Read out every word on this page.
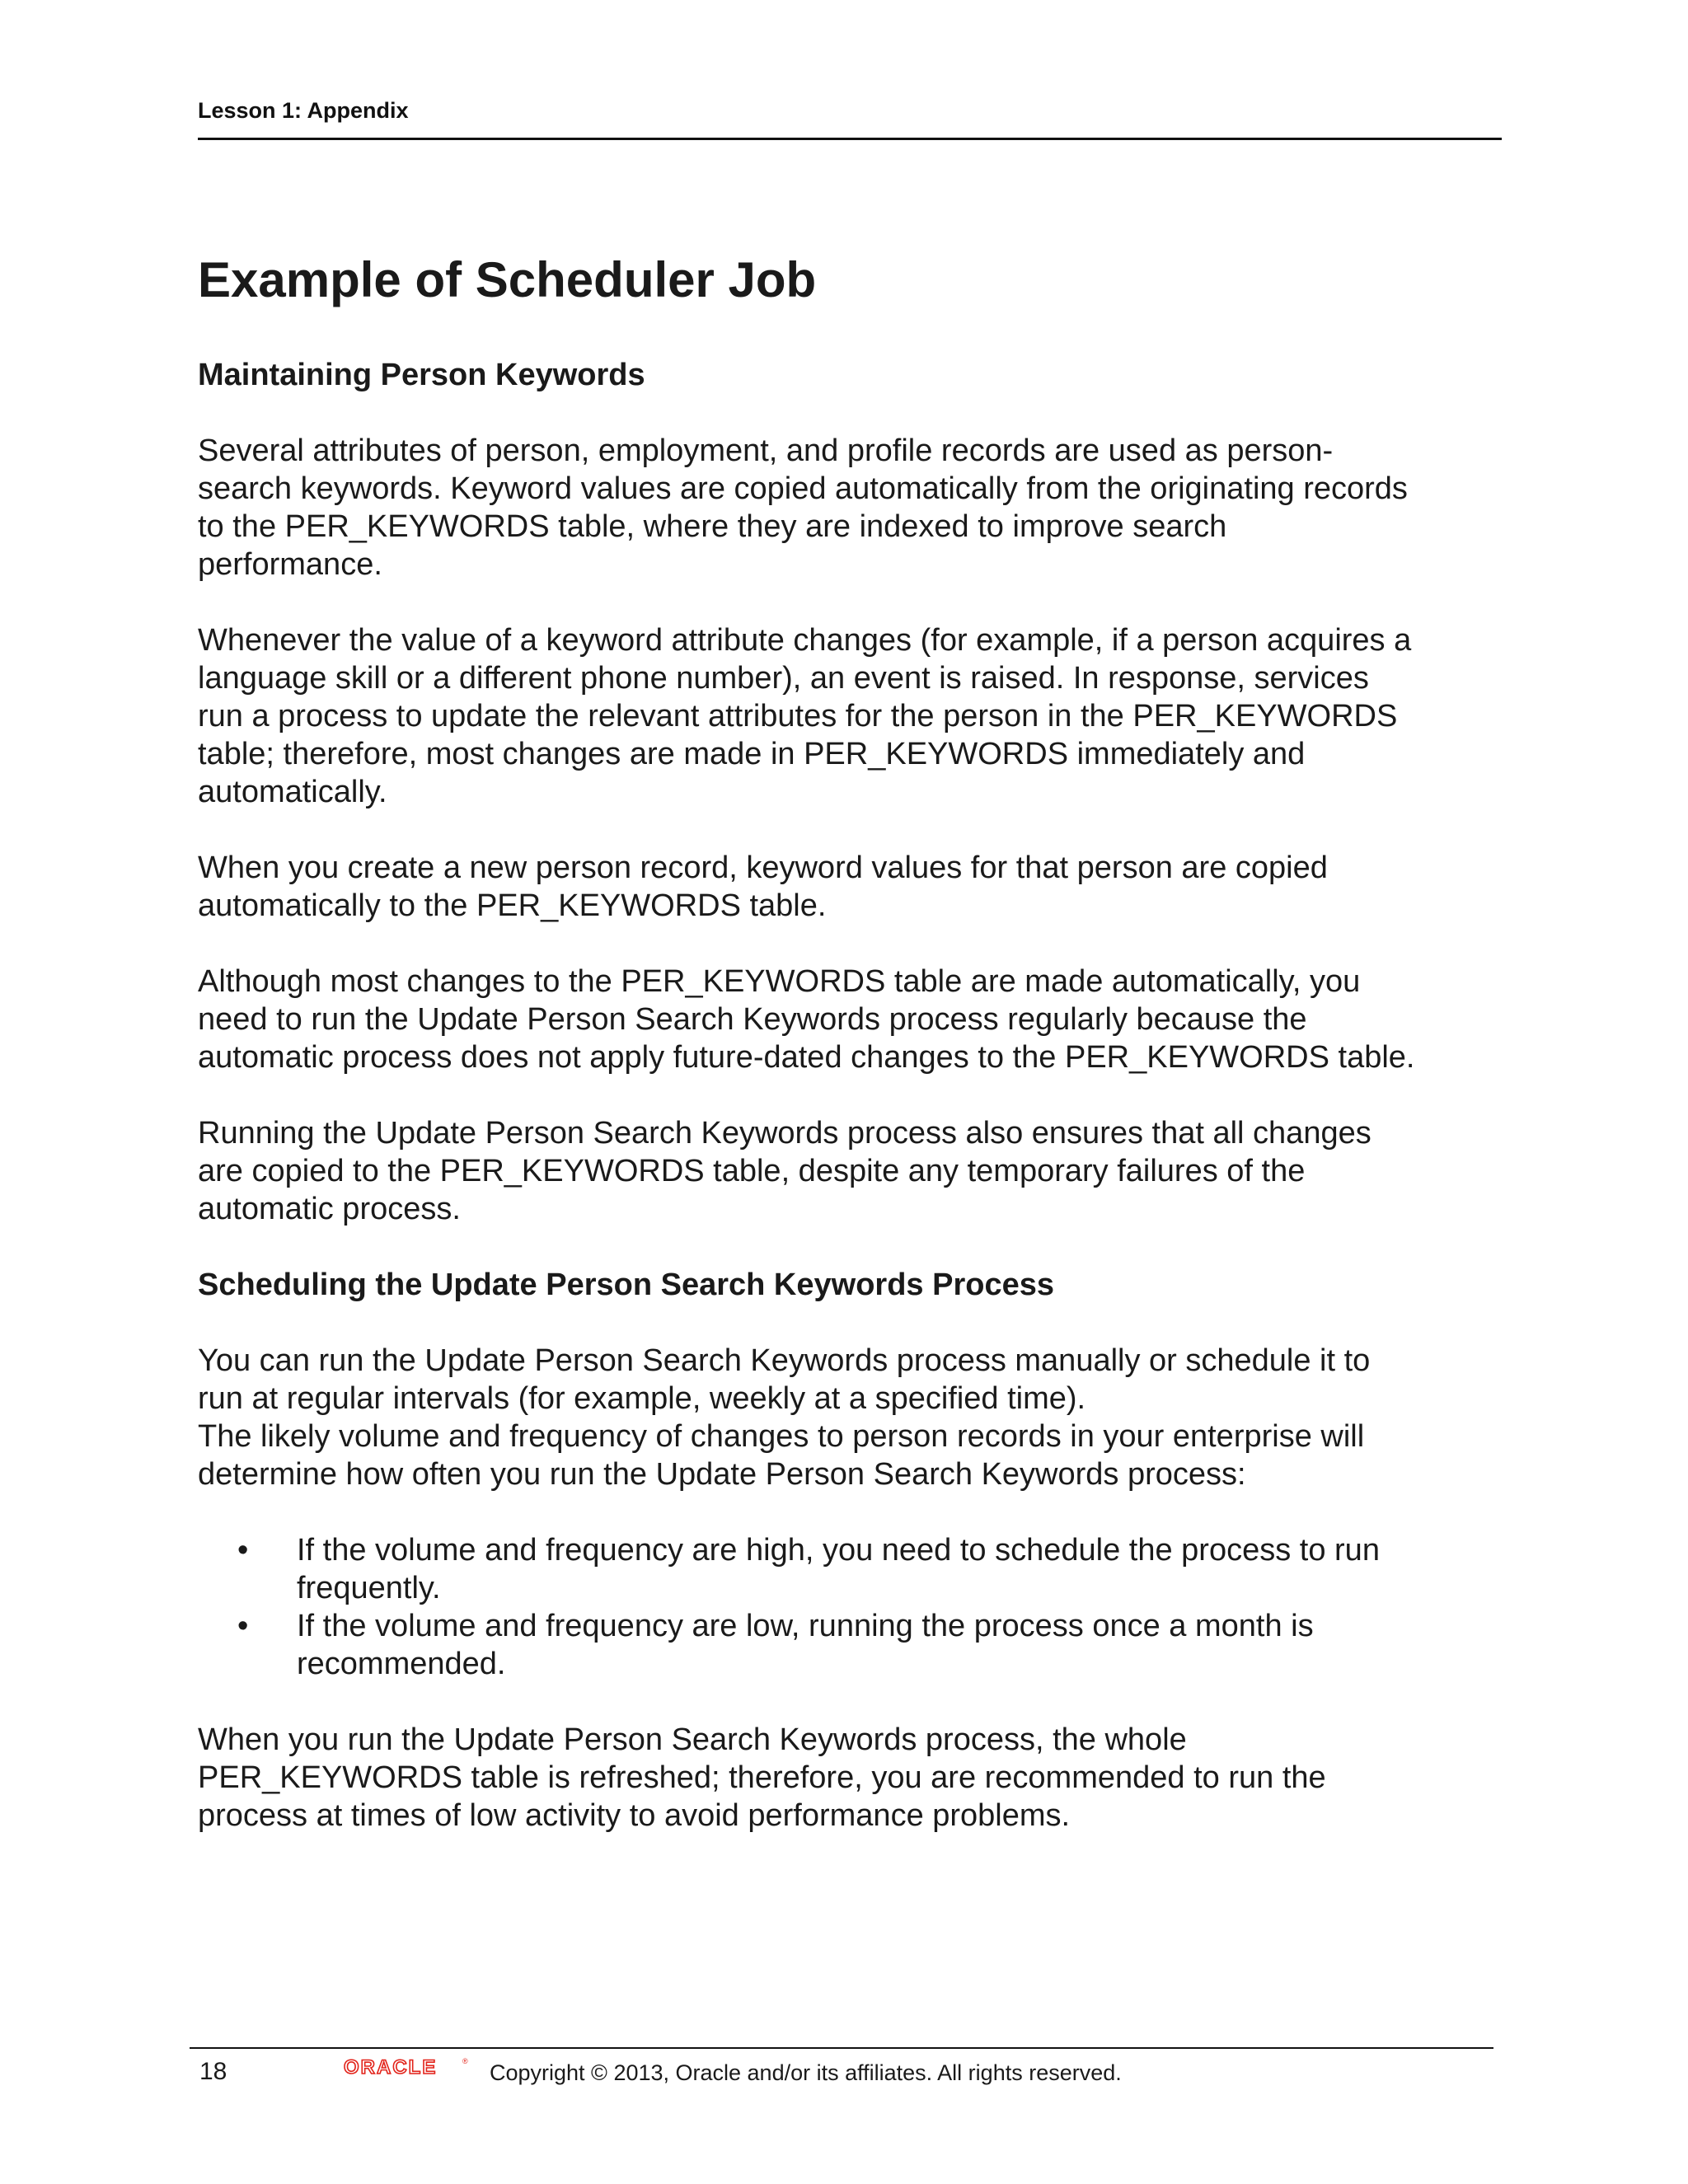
Lesson 1: Appendix
Example of Scheduler Job
Maintaining Person Keywords

Several attributes of person, employment, and profile records are used as person-
search keywords. Keyword values are copied automatically from the originating records
to the PER_KEYWORDS table, where they are indexed to improve search
performance.

Whenever the value of a keyword attribute changes (for example, if a person acquires a
language skill or a different phone number), an event is raised. In response, services
run a process to update the relevant attributes for the person in the PER_KEYWORDS
table; therefore, most changes are made in PER_KEYWORDS immediately and
automatically.

When you create a new person record, keyword values for that person are copied
automatically to the PER_KEYWORDS table.

Although most changes to the PER_KEYWORDS table are made automatically, you
need to run the Update Person Search Keywords process regularly because the
automatic process does not apply future-dated changes to the PER_KEYWORDS table.

Running the Update Person Search Keywords process also ensures that all changes
are copied to the PER_KEYWORDS table, despite any temporary failures of the
automatic process.

Scheduling the Update Person Search Keywords Process

You can run the Update Person Search Keywords process manually or schedule it to
run at regular intervals (for example, weekly at a specified time).
The likely volume and frequency of changes to person records in your enterprise will
determine how often you run the Update Person Search Keywords process:

• If the volume and frequency are high, you need to schedule the process to run
frequently.
• If the volume and frequency are low, running the process once a month is
recommended.

When you run the Update Person Search Keywords process, the whole
PER_KEYWORDS table is refreshed; therefore, you are recommended to run the
process at times of low activity to avoid performance problems.

18	ORACLE	® Copyright © 2013, Oracle and/or its affiliates. All rights reserved.
